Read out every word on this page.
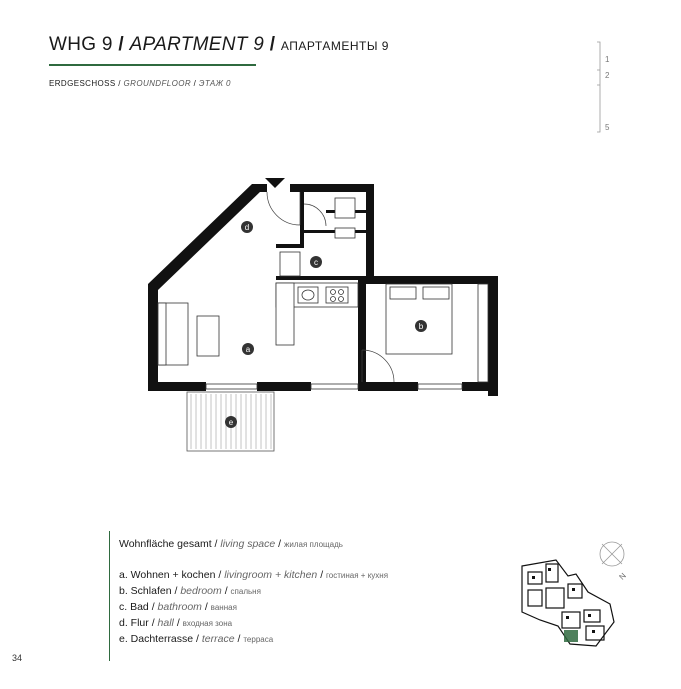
WHG 9 / APARTMENT 9 / АПАРТАМЕНТЫ 9
ERDGESCHOSS / GROUNDFLOOR / ЭТАЖ 0
1
2
5
d
c
a
b
e
Wohnfläche gesamt / living space / жилая площадь
a. Wohnen + kochen / livingroom + kitchen / гостиная + кухня
b. Schlafen / bedroom / спальня
c. Bad / bathroom / ванная
d. Flur / hall / входная зона
e. Dachterrasse / terrace / терраса
N
34
